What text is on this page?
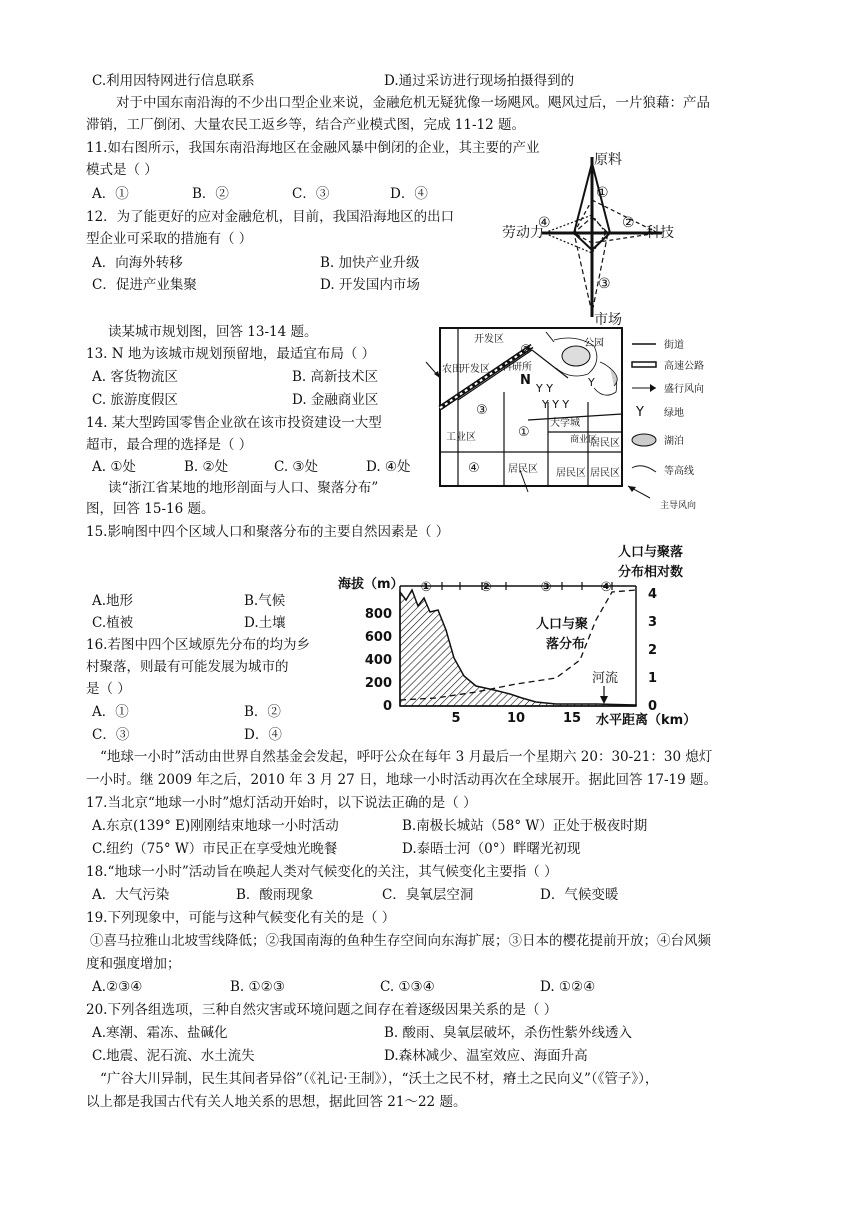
C.利用因特网进行信息联系	D.通过采访进行现场拍摄得到的
对于中国东南沿海的不少出口型企业来说，金融危机无疑犹像一场飓风。飓风过后，一片狼藉：产品
滞销，工厂倒闭、大量农民工返乡等，结合产业模式图，完成 11-12 题。
11.如右图所示，我国东南沿海地区在金融风暴中倒闭的企业，其主要的产业
模式是（ ）
A．①	B．②	C．③	D．④
12．为了能更好的应对金融危机，目前，我国沿海地区的出口
型企业可采取的措施有（ ）
A．向海外转移	B. 加快产业升级
C．促进产业集聚	D. 开发国内市场
原料
科技
劳动力
市场
①
②
③
④
读某城市规划图，回答 13-14 题。
13. N 地为该城市规划预留地，最适宜布局（ ）
A. 客货物流区	B. 高新技术区
C. 旅游度假区	D. 金融商业区
14. 某大型跨国零售企业欲在该市投资建设一大型
超市，最合理的选择是（ ）
A. ①处	B. ②处	C. ③处	D. ④处
Y Y
Y Y Y
Y
开发区
农田
开发区
公园
科研所
大学城
商业区
工业区
居民区
居民区 居民区 居民区
N
①
②
③
④
街道
高速公路
盛行风向
Y 绿地
湖泊
等高线
主导风向
读“浙江省某地的地形剖面与人口、聚落分布”
图，回答 15-16 题。
15.影响图中四个区域人口和聚落分布的主要自然因素是（ ）
A.地形	B.气候
C.植被	D.土壤
16.若图中四个区域原先分布的均为乡
村聚落，则最有可能发展为城市的
是（ ）
A．①	B．②
C．③	D．④
海拔（m）
人口与聚落
分布相对数
①	②	③	④
人口与聚
落分布
河流
0
200
400
600
800
0
1
2
3
4
5	10	15 水平距离（km）
“地球一小时”活动由世界自然基金会发起，呼吁公众在每年 3 月最后一个星期六 20：30-21：30 熄灯
一小时。继 2009 年之后，2010 年 3 月 27 日，地球一小时活动再次在全球展开。据此回答 17-19 题。
17.当北京“地球一小时”熄灯活动开始时，以下说法正确的是（ ）
A.东京(139° E)刚刚结束地球一小时活动	B.南极长城站（58° W）正处于极夜时期
C.纽约（75° W）市民正在享受烛光晚餐	D.泰晤士河（0°）畔曙光初现
18.“地球一小时”活动旨在唤起人类对气候变化的关注，其气候变化主要指（ ）
A．大气污染	B．酸雨现象	C．臭氧层空洞	D．气候变暖
19.下列现象中，可能与这种气候变化有关的是（ ）
①喜马拉雅山北坡雪线降低；②我国南海的鱼种生存空间向东海扩展；③日本的樱花提前开放；④台风频
度和强度增加；
A.②③④	B. ①②③	C. ①③④	D. ①②④
20.下列各组选项，三种自然灾害或环境问题之间存在着逐级因果关系的是（ ）
A.寒潮、霜冻、盐碱化	B. 酸雨、臭氧层破坏，杀伤性紫外线透入
C.地震、泥石流、水土流失	D.森林减少、温室效应、海面升高
“广谷大川异制，民生其间者异俗”（《礼记·王制》），“沃土之民不材，瘠土之民向义”（《管子》），
以上都是我国古代有关人地关系的思想，据此回答 21～22 题。
